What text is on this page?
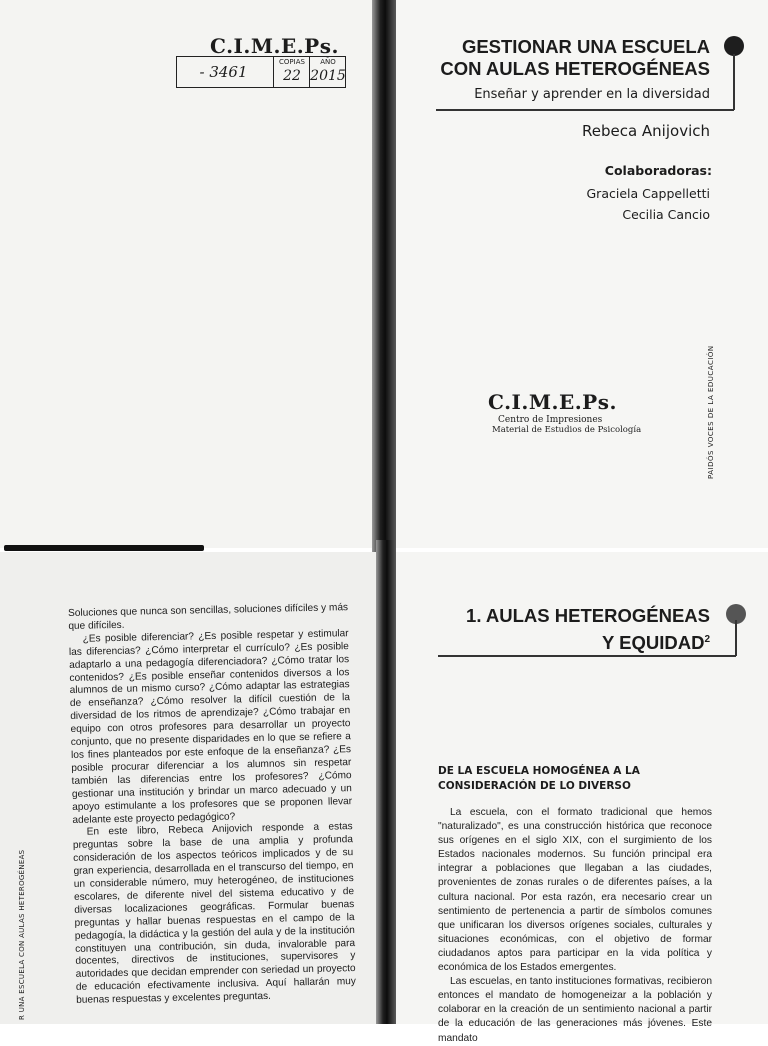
C.I.M.E.Ps.
- 3461
COPIAS
22
AÑO
2015
GESTIONAR UNA ESCUELA
CON AULAS HETEROGÉNEAS
Enseñar y aprender en la diversidad
Rebeca Anijovich
Colaboradoras:
Graciela Cappelletti
Cecilia Cancio
C.I.M.E.Ps.
Centro de Impresiones
Material de Estudios de Psicología	PAIDÓS VOCES DE LA EDUCACIÓN

Soluciones que nunca son sencillas, soluciones difíciles y más que difíciles.

¿Es posible diferenciar? ¿Es posible respetar y estimular las diferencias? ¿Cómo interpretar el currículo? ¿Es posible adaptarlo a una pedagogía diferenciadora? ¿Cómo tratar los contenidos? ¿Es posible enseñar contenidos diversos a los alumnos de un mismo curso? ¿Cómo adaptar las estrategias de enseñanza? ¿Cómo resolver la difícil cuestión de la diversidad de los ritmos de aprendizaje? ¿Cómo trabajar en equipo con otros profesores para desarrollar un proyecto conjunto, que no presente disparidades en lo que se refiere a los fines planteados por este enfoque de la enseñanza? ¿Es posible procurar diferenciar a los alumnos sin respetar también las diferencias entre los profesores? ¿Cómo gestionar una institución y brindar un marco adecuado y un apoyo estimulante a los profesores que se proponen llevar adelante este proyecto pedagógico?

En este libro, Rebeca Anijovich responde a estas preguntas sobre la base de una amplia y profunda consideración de los aspectos teóricos implicados y de su gran experiencia, desarrollada en el transcurso del tiempo, en un considerable número, muy heterogéneo, de instituciones escolares, de diferente nivel del sistema educativo y de diversas localizaciones geográficas. Formular buenas preguntas y hallar buenas respuestas en el campo de la pedagogía, la didáctica y la gestión del aula y de la institución constituyen una contribución, sin duda, invalorable para docentes, directivos de instituciones, supervisores y autoridades que decidan emprender con seriedad un proyecto de educación efectivamente inclusiva. Aquí hallarán muy buenas respuestas y excelentes preguntas.

R UNA ESCUELA CON AULAS HETEROGÉNEAS
1. AULAS HETEROGÉNEAS
Y EQUIDAD$^2$
DE LA ESCUELA HOMOGÉNEA A LA CONSIDERACIÓN DE LO DIVERSO

La escuela, con el formato tradicional que hemos "naturalizado", es una construcción histórica que reconoce sus orígenes en el siglo XIX, con el surgimiento de los Estados nacionales modernos. Su función principal era integrar a poblaciones que llegaban a las ciudades, provenientes de zonas rurales o de diferentes países, a la cultura nacional. Por esta razón, era necesario crear un sentimiento de pertenencia a partir de símbolos comunes que unificaran los diversos orígenes sociales, culturales y situaciones económicas, con el objetivo de formar ciudadanos aptos para participar en la vida política y económica de los Estados emergentes.

Las escuelas, en tanto instituciones formativas, recibieron entonces el mandato de homogeneizar a la población y colaborar en la creación de un sentimiento nacional a partir de la educación de las generaciones más jóvenes. Este mandato
